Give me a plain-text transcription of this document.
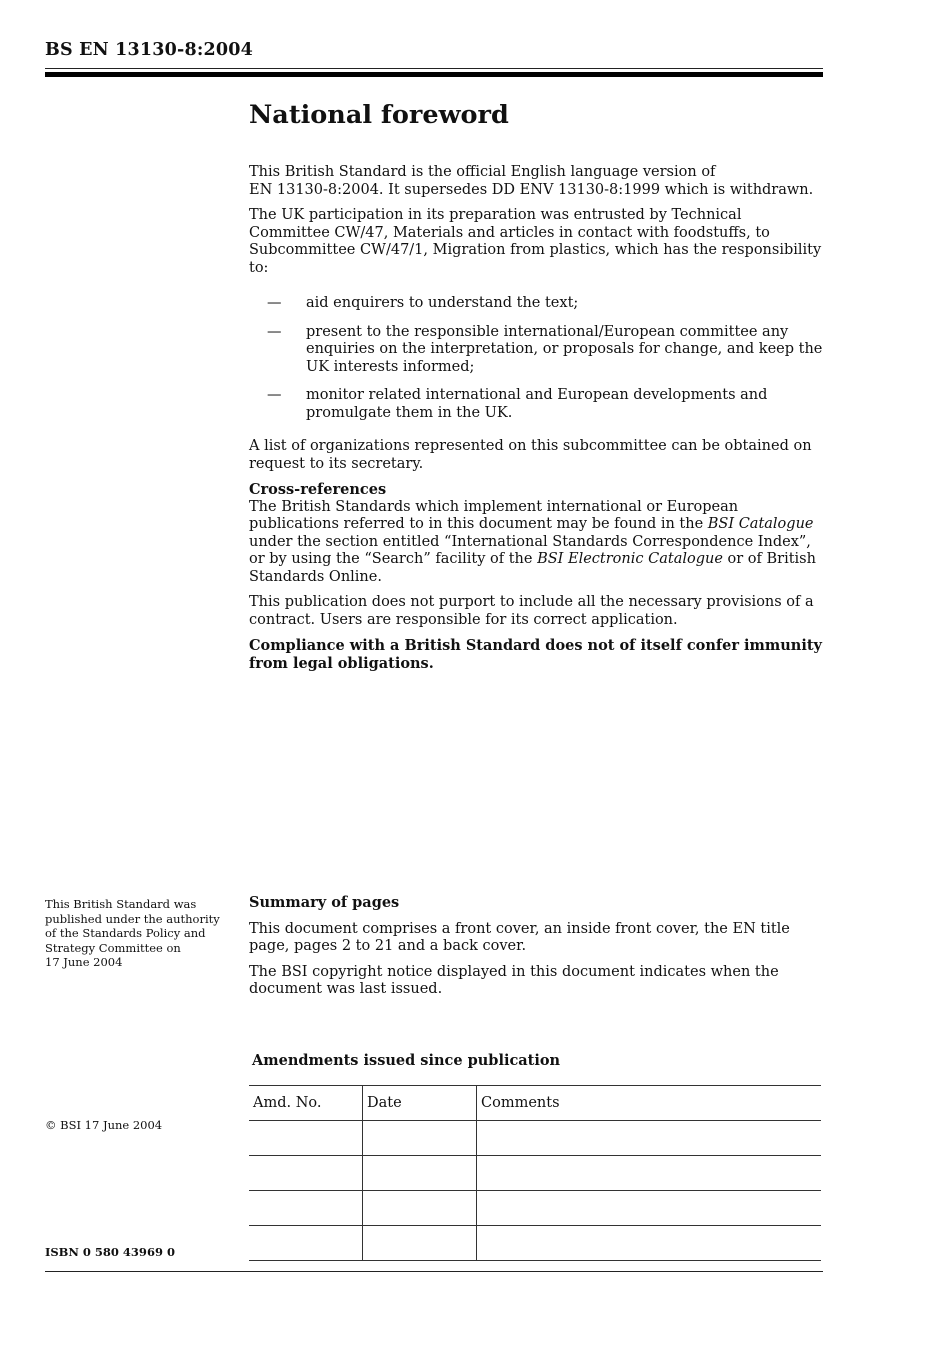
BS EN 13130-8:2004
National foreword

This British Standard is the official English language version of
EN 13130-8:2004. It supersedes DD ENV 13130-8:1999 which is withdrawn.

The UK participation in its preparation was entrusted by Technical Committee CW/47, Materials and articles in contact with foodstuffs, to Subcommittee CW/47/1, Migration from plastics, which has the responsibility to:

— aid enquirers to understand the text;
— present to the responsible international/European committee any enquiries on the interpretation, or proposals for change, and keep the UK interests informed;
— monitor related international and European developments and promulgate them in the UK.

A list of organizations represented on this subcommittee can be obtained on request to its secretary.

Cross-references

The British Standards which implement international or European publications referred to in this document may be found in the BSI Catalogue under the section entitled “International Standards Correspondence Index”, or by using the “Search” facility of the BSI Electronic Catalogue or of British Standards Online.

This publication does not purport to include all the necessary provisions of a contract. Users are responsible for its correct application.

Compliance with a British Standard does not of itself confer immunity from legal obligations.

This British Standard was
published under the authority
of the Standards Policy and
Strategy Committee on
17 June 2004

Summary of pages

This document comprises a front cover, an inside front cover, the EN title page, pages 2 to 21 and a back cover.

The BSI copyright notice displayed in this document indicates when the document was last issued.

Amendments issued since publication
Amd. No.	Date	Comments

© BSI 17 June 2004
ISBN 0 580 43969 0
